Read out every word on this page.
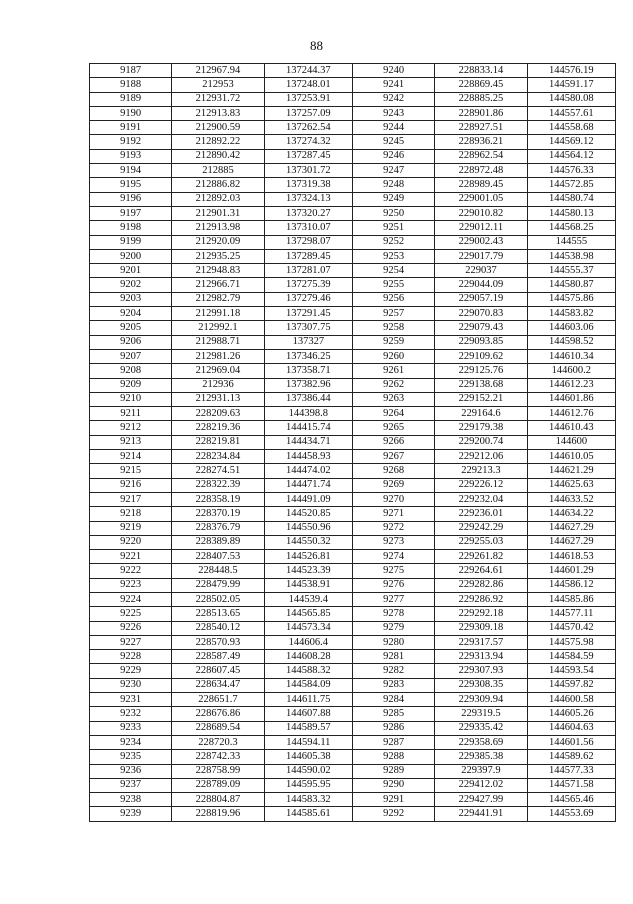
88
9187	212967.94	137244.37	9240	228833.14	144576.19
9188	212953	137248.01	9241	228869.45	144591.17
9189	212931.72	137253.91	9242	228885.25	144580.08
9190	212913.83	137257.09	9243	228901.86	144557.61
9191	212900.59	137262.54	9244	228927.51	144558.68
9192	212892.22	137274.32	9245	228936.21	144569.12
9193	212890.42	137287.45	9246	228962.54	144564.12
9194	212885	137301.72	9247	228972.48	144576.33
9195	212886.82	137319.38	9248	228989.45	144572.85
9196	212892.03	137324.13	9249	229001.05	144580.74
9197	212901.31	137320.27	9250	229010.82	144580.13
9198	212913.98	137310.07	9251	229012.11	144568.25
9199	212920.09	137298.07	9252	229002.43	144555
9200	212935.25	137289.45	9253	229017.79	144538.98
9201	212948.83	137281.07	9254	229037	144555.37
9202	212966.71	137275.39	9255	229044.09	144580.87
9203	212982.79	137279.46	9256	229057.19	144575.86
9204	212991.18	137291.45	9257	229070.83	144583.82
9205	212992.1	137307.75	9258	229079.43	144603.06
9206	212988.71	137327	9259	229093.85	144598.52
9207	212981.26	137346.25	9260	229109.62	144610.34
9208	212969.04	137358.71	9261	229125.76	144600.2
9209	212936	137382.96	9262	229138.68	144612.23
9210	212931.13	137386.44	9263	229152.21	144601.86
9211	228209.63	144398.8	9264	229164.6	144612.76
9212	228219.36	144415.74	9265	229179.38	144610.43
9213	228219.81	144434.71	9266	229200.74	144600
9214	228234.84	144458.93	9267	229212.06	144610.05
9215	228274.51	144474.02	9268	229213.3	144621.29
9216	228322.39	144471.74	9269	229226.12	144625.63
9217	228358.19	144491.09	9270	229232.04	144633.52
9218	228370.19	144520.85	9271	229236.01	144634.22
9219	228376.79	144550.96	9272	229242.29	144627.29
9220	228389.89	144550.32	9273	229255.03	144627.29
9221	228407.53	144526.81	9274	229261.82	144618.53
9222	228448.5	144523.39	9275	229264.61	144601.29
9223	228479.99	144538.91	9276	229282.86	144586.12
9224	228502.05	144539.4	9277	229286.92	144585.86
9225	228513.65	144565.85	9278	229292.18	144577.11
9226	228540.12	144573.34	9279	229309.18	144570.42
9227	228570.93	144606.4	9280	229317.57	144575.98
9228	228587.49	144608.28	9281	229313.94	144584.59
9229	228607.45	144588.32	9282	229307.93	144593.54
9230	228634.47	144584.09	9283	229308.35	144597.82
9231	228651.7	144611.75	9284	229309.94	144600.58
9232	228676.86	144607.88	9285	229319.5	144605.26
9233	228689.54	144589.57	9286	229335.42	144604.63
9234	228720.3	144594.11	9287	229358.69	144601.56
9235	228742.33	144605.38	9288	229385.38	144589.62
9236	228758.99	144590.02	9289	229397.9	144577.33
9237	228789.09	144595.95	9290	229412.02	144571.58
9238	228804.87	144583.32	9291	229427.99	144565.46
9239	228819.96	144585.61	9292	229441.91	144553.69
